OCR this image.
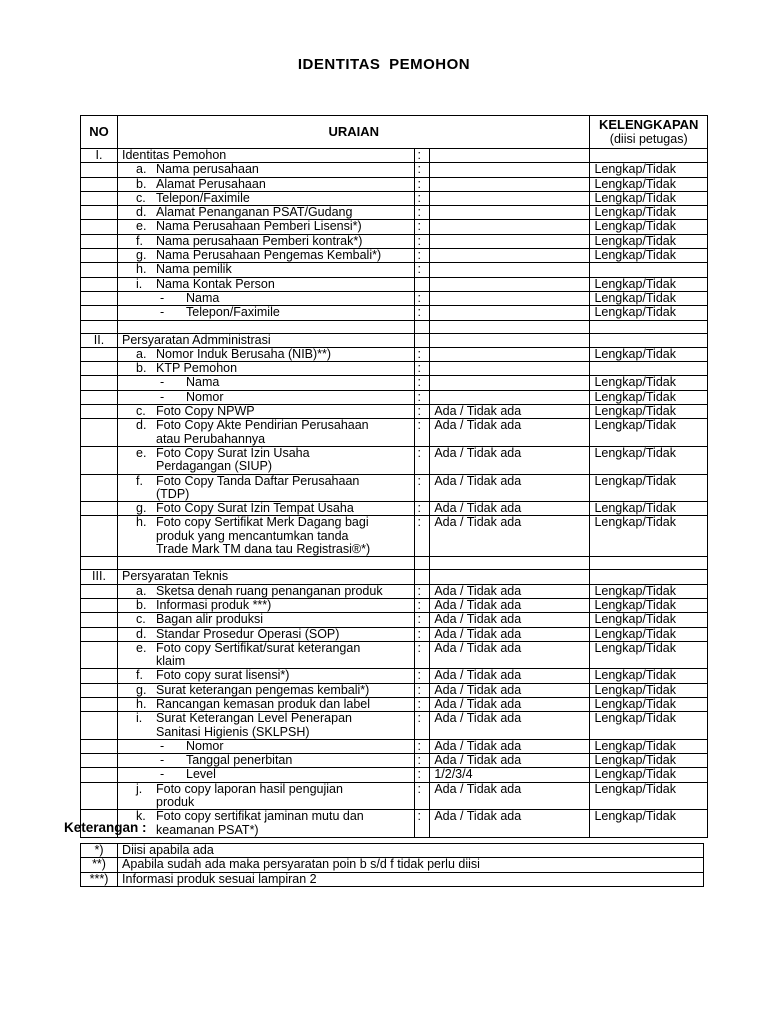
IDENTITAS PEMOHON
NO	URAIAN			KELENGKAPAN
(diisi petugas)

I.	Identitas Pemohon	:		

	a. Nama perusahaan	:		Lengkap/Tidak

	b. Alamat Perusahaan	:		Lengkap/Tidak

	c. Telepon/Faximile	:		Lengkap/Tidak

	d. Alamat Penanganan PSAT/Gudang	:		Lengkap/Tidak

	e. Nama Perusahaan Pemberi Lisensi*)	:		Lengkap/Tidak

	f. Nama perusahaan Pemberi kontrak*)	:		Lengkap/Tidak

	g. Nama Perusahaan Pengemas Kembali*)	:		Lengkap/Tidak

	h. Nama pemilik	:		

	i. Nama Kontak Person			Lengkap/Tidak

	- Nama	:		Lengkap/Tidak

	- Telepon/Faximile	:		Lengkap/Tidak

II.	Persyaratan Admministrasi			

	a. Nomor Induk Berusaha (NIB)**)	:		Lengkap/Tidak

	b. KTP Pemohon	:		

	- Nama	:		Lengkap/Tidak

	- Nomor	:		Lengkap/Tidak

	c. Foto Copy NPWP	:	Ada / Tidak ada	Lengkap/Tidak

	d. Foto Copy Akte Pendirian Perusahaan
atau Perubahannya	:	Ada / Tidak ada	Lengkap/Tidak

	e. Foto Copy Surat Izin Usaha
Perdagangan (SIUP)	:	Ada / Tidak ada	Lengkap/Tidak

	f. Foto Copy Tanda Daftar Perusahaan
(TDP)	:	Ada / Tidak ada	Lengkap/Tidak

	g. Foto Copy Surat Izin Tempat Usaha	:	Ada / Tidak ada	Lengkap/Tidak

	h. Foto copy Sertifikat Merk Dagang bagi
produk yang mencantumkan tanda
Trade Mark TM dana tau Registrasi®*)	:	Ada / Tidak ada	Lengkap/Tidak

III.	Persyaratan Teknis			

	a. Sketsa denah ruang penanganan produk	:	Ada / Tidak ada	Lengkap/Tidak

	b. Informasi produk ***)	:	Ada / Tidak ada	Lengkap/Tidak

	c. Bagan alir produksi	:	Ada / Tidak ada	Lengkap/Tidak

	d. Standar Prosedur Operasi (SOP)	:	Ada / Tidak ada	Lengkap/Tidak

	e. Foto copy Sertifikat/surat keterangan
klaim	:	Ada / Tidak ada	Lengkap/Tidak

	f. Foto copy surat lisensi*)	:	Ada / Tidak ada	Lengkap/Tidak

	g. Surat keterangan pengemas kembali*)	:	Ada / Tidak ada	Lengkap/Tidak

	h. Rancangan kemasan produk dan label	:	Ada / Tidak ada	Lengkap/Tidak

	i. Surat Keterangan Level Penerapan
Sanitasi Higienis (SKLPSH)	:	Ada / Tidak ada	Lengkap/Tidak

	- Nomor	:	Ada / Tidak ada	Lengkap/Tidak

	- Tanggal penerbitan	:	Ada / Tidak ada	Lengkap/Tidak

	- Level	:	1/2/3/4	Lengkap/Tidak

	j. Foto copy laporan hasil pengujian
produk	:	Ada / Tidak ada	Lengkap/Tidak

	k. Foto copy sertifikat jaminan mutu dan
keamanan PSAT*)	:	Ada / Tidak ada	Lengkap/Tidak
Keterangan :
*)	Diisi apabila ada
**)	Apabila sudah ada maka persyaratan poin b s/d f tidak perlu diisi
***)	Informasi produk sesuai lampiran 2
